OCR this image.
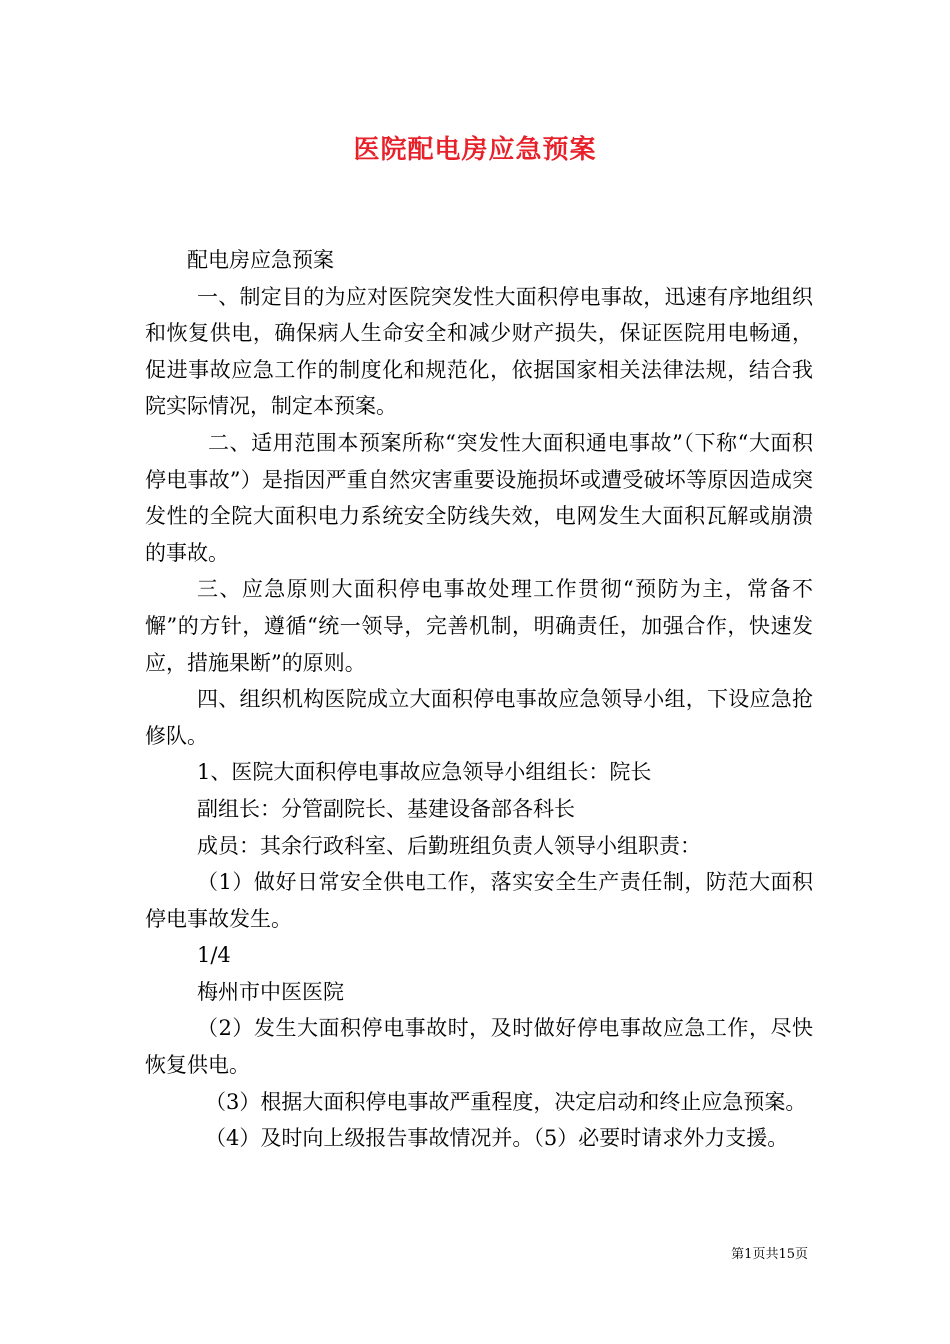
医院配电房应急预案

配电房应急预案

一、制定目的为应对医院突发性大面积停电事故，迅速有序地组织和恢复供电，确保病人生命安全和减少财产损失，保证医院用电畅通，促进事故应急工作的制度化和规范化，依据国家相关法律法规，结合我院实际情况，制定本预案。

二、适用范围本预案所称“突发性大面积通电事故”（下称“大面积停电事故”）是指因严重自然灾害重要设施损坏或遭受破坏等原因造成突发性的全院大面积电力系统安全防线失效，电网发生大面积瓦解或崩溃的事故。

三、应急原则大面积停电事故处理工作贯彻“预防为主，常备不懈”的方针，遵循“统一领导，完善机制，明确责任，加强合作，快速发应，措施果断”的原则。

四、组织机构医院成立大面积停电事故应急领导小组，下设应急抢修队。

1、医院大面积停电事故应急领导小组组长：院长

副组长：分管副院长、基建设备部各科长

成员：其余行政科室、后勤班组负责人领导小组职责：

（1）做好日常安全供电工作，落实安全生产责任制，防范大面积停电事故发生。

1/4

梅州市中医医院

（2）发生大面积停电事故时，及时做好停电事故应急工作，尽快恢复供电。

（3）根据大面积停电事故严重程度，决定启动和终止应急预案。

（4）及时向上级报告事故情况并。（5）必要时请求外力支援。

第1页共15页
